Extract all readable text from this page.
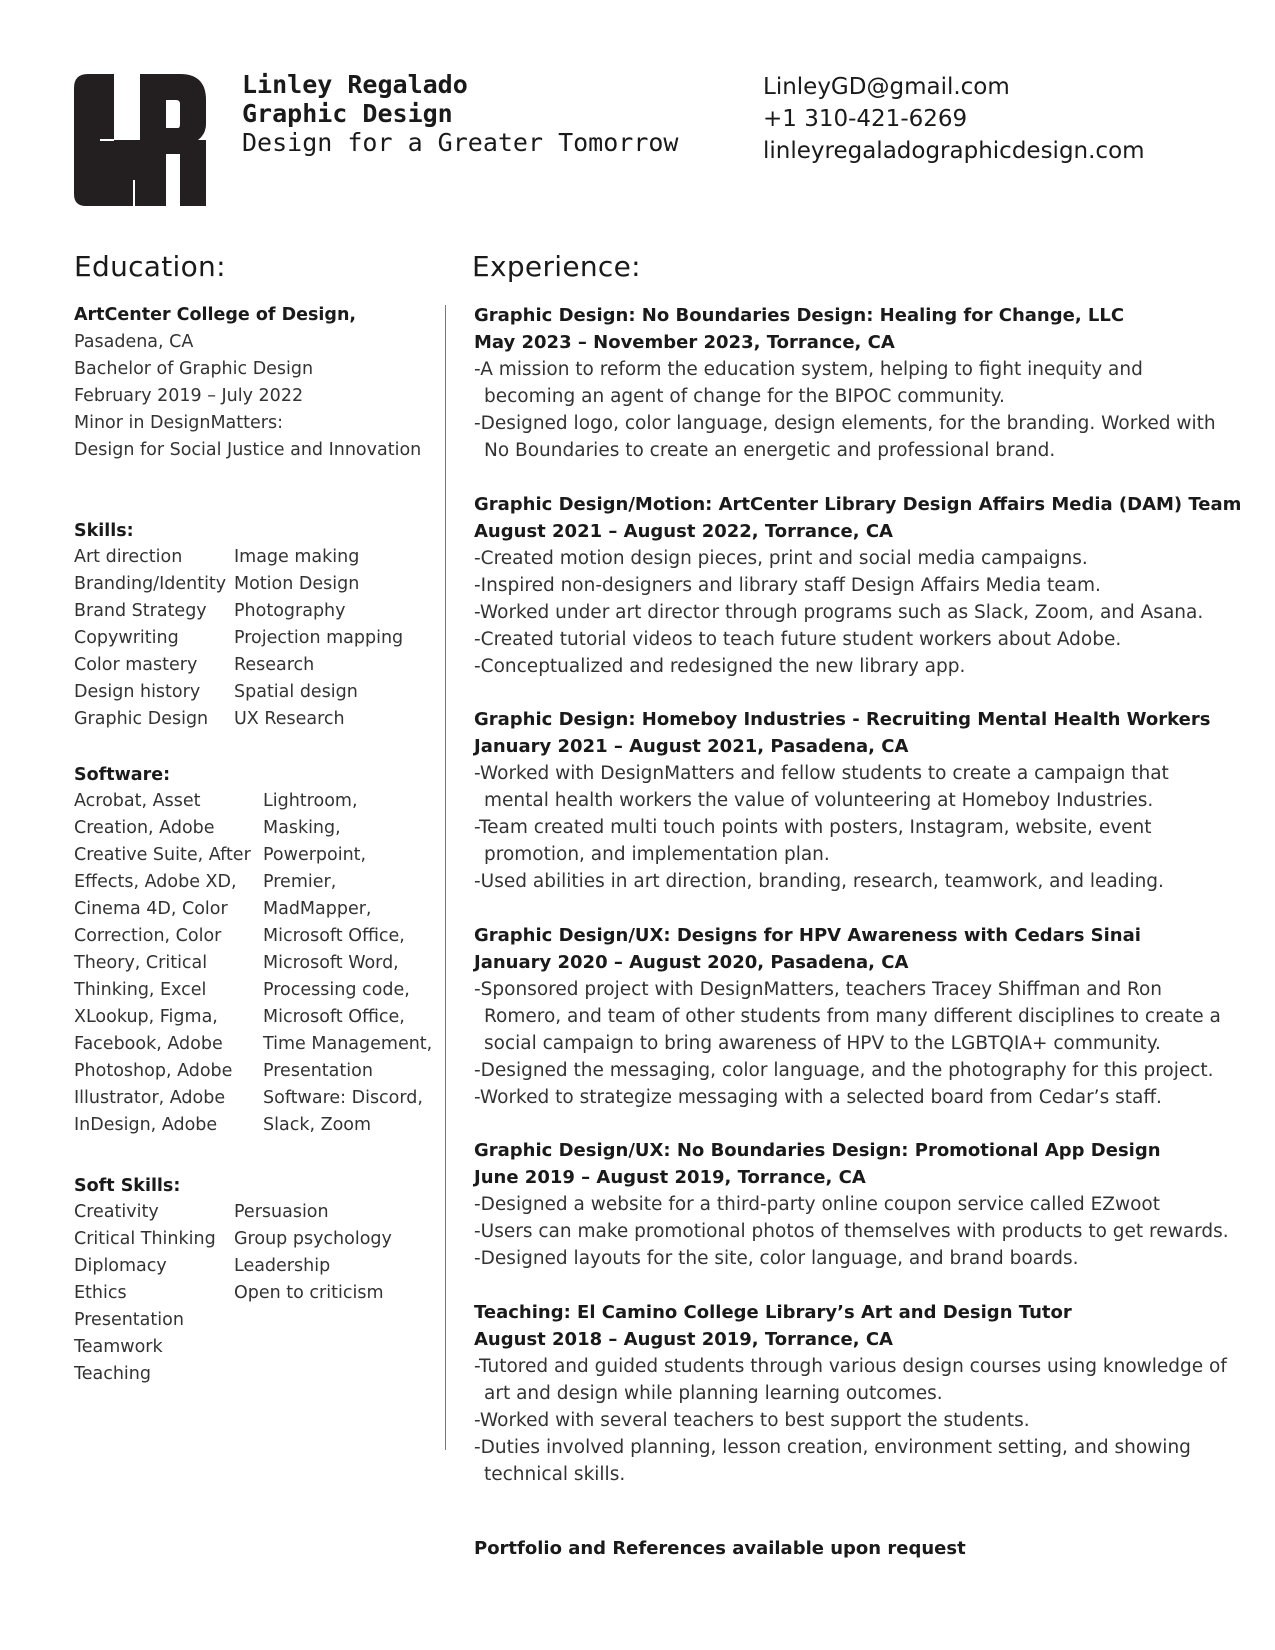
Linley Regalado
Graphic Design
Design for a Greater Tomorrow
LinleyGD@gmail.com
+1 310-421-6269
linleyregaladographicdesign.com
Education:	Experience:
ArtCenter College of Design,
Pasadena, CA
Bachelor of Graphic Design
February 2019 – July 2022
Minor in DesignMatters:
Design for Social Justice and Innovation
Skills:
Art direction
Branding/Identity
Brand Strategy
Copywriting
Color mastery
Design history
Graphic Design
Image making
Motion Design
Photography
Projection mapping
Research
Spatial design
UX Research
Software:
Acrobat, Asset
Creation, Adobe
Creative Suite, After
Effects, Adobe XD,
Cinema 4D, Color
Correction, Color
Theory, Critical
Thinking, Excel
XLookup, Figma,
Facebook, Adobe
Photoshop, Adobe
Illustrator, Adobe
InDesign, Adobe
Lightroom,
Masking,
Powerpoint,
Premier,
MadMapper,
Microsoft Office,
Microsoft Word,
Processing code,
Microsoft Office,
Time Management,
Presentation
Software: Discord,
Slack, Zoom
Soft Skills:
Creativity
Critical Thinking
Diplomacy
Ethics
Presentation
Teamwork
Teaching
Persuasion
Group psychology
Leadership
Open to criticism
Graphic Design: No Boundaries Design: Healing for Change, LLC
May 2023 – November 2023, Torrance, CA
-A mission to reform the education system, helping to fight inequity and becoming an agent of change for the BIPOC community.
-Designed logo, color language, design elements, for the branding. Worked with No Boundaries to create an energetic and professional brand.
Graphic Design/Motion: ArtCenter Library Design Affairs Media (DAM) Team
August 2021 – August 2022, Torrance, CA
-Created motion design pieces, print and social media campaigns.
-Inspired non-designers and library staff Design Affairs Media team.
-Worked under art director through programs such as Slack, Zoom, and Asana.
-Created tutorial videos to teach future student workers about Adobe.
-Conceptualized and redesigned the new library app.
Graphic Design: Homeboy Industries - Recruiting Mental Health Workers
January 2021 – August 2021, Pasadena, CA
-Worked with DesignMatters and fellow students to create a campaign that mental health workers the value of volunteering at Homeboy Industries.
-Team created multi touch points with posters, Instagram, website, event promotion, and implementation plan.
-Used abilities in art direction, branding, research, teamwork, and leading.
Graphic Design/UX: Designs for HPV Awareness with Cedars Sinai
January 2020 – August 2020, Pasadena, CA
-Sponsored project with DesignMatters, teachers Tracey Shiffman and Ron Romero, and team of other students from many different disciplines to create a social campaign to bring awareness of HPV to the LGBTQIA+ community.
-Designed the messaging, color language, and the photography for this project.
-Worked to strategize messaging with a selected board from Cedar’s staff.
Graphic Design/UX: No Boundaries Design: Promotional App Design
June 2019 – August 2019, Torrance, CA
-Designed a website for a third-party online coupon service called EZwoot
-Users can make promotional photos of themselves with products to get rewards.
-Designed layouts for the site, color language, and brand boards.
Teaching: El Camino College Library’s Art and Design Tutor
August 2018 – August 2019, Torrance, CA
-Tutored and guided students through various design courses using knowledge of art and design while planning learning outcomes.
-Worked with several teachers to best support the students.
-Duties involved planning, lesson creation, environment setting, and showing technical skills.
Portfolio and References available upon request
